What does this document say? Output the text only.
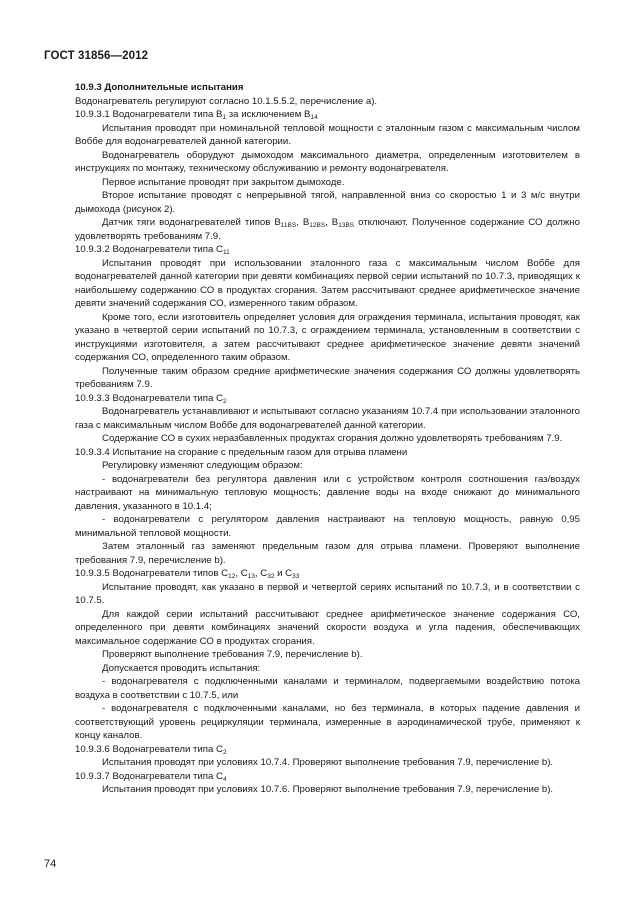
ГОСТ 31856—2012

10.9.3 Дополнительные испытания

Водонагреватель регулируют согласно 10.1.5.5.2, перечисление а).

10.9.3.1 Водонагреватели типа $В_1$ за исключением $В_{14}$

Испытания проводят при номинальной тепловой мощности с эталонным газом с максимальным числом Воббе для водонагревателей данной категории.

Водонагреватель оборудуют дымоходом максимального диаметра, определенным изготовителем в инструкциях по монтажу, техническому обслуживанию и ремонту водонагревателя.

Первое испытание проводят при закрытом дымоходе.

Второе испытание проводят с непрерывной тягой, направленной вниз со скоростью 1 и 3 м/с внутри дымохода (рисунок 2).

Датчик тяги водонагревателей типов $В_{11BS}$, $В_{12BS}$, $В_{13BS}$ отключают. Полученное содержание СО должно удовлетворять требованиям 7.9.

10.9.3.2 Водонагреватели типа $С_{11}$

Испытания проводят при использовании эталонного газа с максимальным числом Воббе для водонагревателей данной категории при девяти комбинациях первой серии испытаний по 10.7.3, приводящих к наибольшему содержанию СО в продуктах сгорания. Затем рассчитывают среднее арифметическое значение девяти значений содержания СО, измеренного таким образом.

Кроме того, если изготовитель определяет условия для ограждения терминала, испытания проводят, как указано в четвертой серии испытаний по 10.7.3, с ограждением терминала, установленным в соответствии с инструкциями изготовителя, а затем рассчитывают среднее арифметическое значение девяти значений содержания СО, определенного таким образом.

Полученные таким образом средние арифметические значения содержания СО должны удовлетворять требованиям 7.9.

10.9.3.3 Водонагреватели типа $С_2$

Водонагреватель устанавливают и испытывают согласно указаниям 10.7.4 при использовании эталонного газа с максимальным числом Воббе для водонагревателей данной категории.

Содержание СО в сухих неразбавленных продуктах сгорания должно удовлетворять требованиям 7.9.

10.9.3.4 Испытание на сгорание с предельным газом для отрыва пламени

Регулировку изменяют следующим образом:

- водонагреватели без регулятора давления или с устройством контроля соотношения газ/воздух настраивают на минимальную тепловую мощность; давление воды на входе снижают до минимального давления, указанного в 10.1.4;

- водонагреватели с регулятором давления настраивают на тепловую мощность, равную 0,95 минимальной тепловой мощности.

Затем эталонный газ заменяют предельным газом для отрыва пламени. Проверяют выполнение требования 7.9, перечисление b).

10.9.3.5 Водонагреватели типов $С_{12}$, $С_{13}$, $С_{32}$ и $С_{33}$

Испытание проводят, как указано в первой и четвертой сериях испытаний по 10.7.3, и в соответствии с 10.7.5.

Для каждой серии испытаний рассчитывают среднее арифметическое значение содержания СО, определенного при девяти комбинациях значений скорости воздуха и угла падения, обеспечивающих максимальное содержание СО в продуктах сгорания.

Проверяют выполнение требования 7.9, перечисление b).

Допускается проводить испытания:

- водонагревателя с подключенными каналами и терминалом, подвергаемыми воздействию потока воздуха в соответствии с 10.7.5, или

- водонагревателя с подключенными каналами, но без терминала, в которых падение давления и соответствующий уровень рециркуляции терминала, измеренные в аэродинамической трубе, применяют к концу каналов.

10.9.3.6 Водонагреватели типа $С_2$

Испытания проводят при условиях 10.7.4. Проверяют выполнение требования 7.9, перечисление b).

10.9.3.7 Водонагреватели типа $С_4$

Испытания проводят при условиях 10.7.6. Проверяют выполнение требования 7.9, перечисление b).

74
